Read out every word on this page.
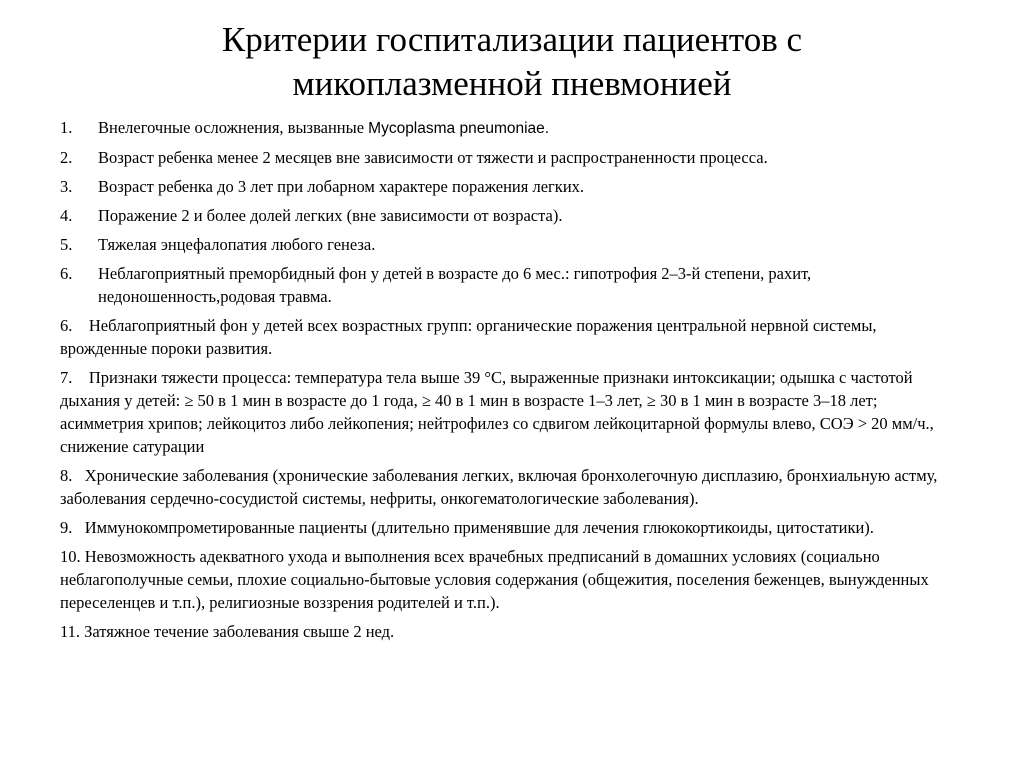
Критерии госпитализации пациентов с
микоплазменной пневмонией
1.	Внелегочные осложнения, вызванные Mycoplasma pneumoniae.
2.	Возраст ребенка менее 2 месяцев вне зависимости от тяжести и распространенности процесса.
3.	Возраст ребенка до 3 лет при лобарном характере поражения легких.
4.	Поражение 2 и более долей легких (вне зависимости от возраста).
5.	Тяжелая энцефалопатия любого генеза.
6.	Неблагоприятный преморбидный фон у детей в возрасте до 6 мес.: гипотрофия 2–3-й степени, рахит, недоношенность,родовая травма.
6. Неблагоприятный фон у детей всех возрастных групп: органические поражения центральной нервной системы, врожденные пороки развития.
7. Признаки тяжести процесса: температура тела выше 39 °С, выраженные признаки интоксикации; одышка с частотой дыхания у детей: ≥ 50 в 1 мин в возрасте до 1 года, ≥ 40 в 1 мин в возрасте 1–3 лет, ≥ 30 в 1 мин в возрасте 3–18 лет; асимметрия хрипов; лейкоцитоз либо лейкопения; нейтрофилез со сдвигом лейкоцитарной формулы влево, СОЭ > 20 мм/ч., снижение сатурации
8. Хронические заболевания (хронические заболевания легких, включая бронхолегочную дисплазию, бронхиальную астму, заболевания сердечно-сосудистой системы, нефриты, онкогематологические заболевания).
9. Иммунокомпрометированные пациенты (длительно применявшие для лечения глюкокортикоиды, цитостатики).
10. Невозможность адекватного ухода и выполнения всех врачебных предписаний в домашних условиях (социально неблагополучные семьи, плохие социально-бытовые условия содержания (общежития, поселения беженцев, вынужденных переселенцев и т.п.), религиозные воззрения родителей и т.п.).
11. Затяжное течение заболевания свыше 2 нед.
